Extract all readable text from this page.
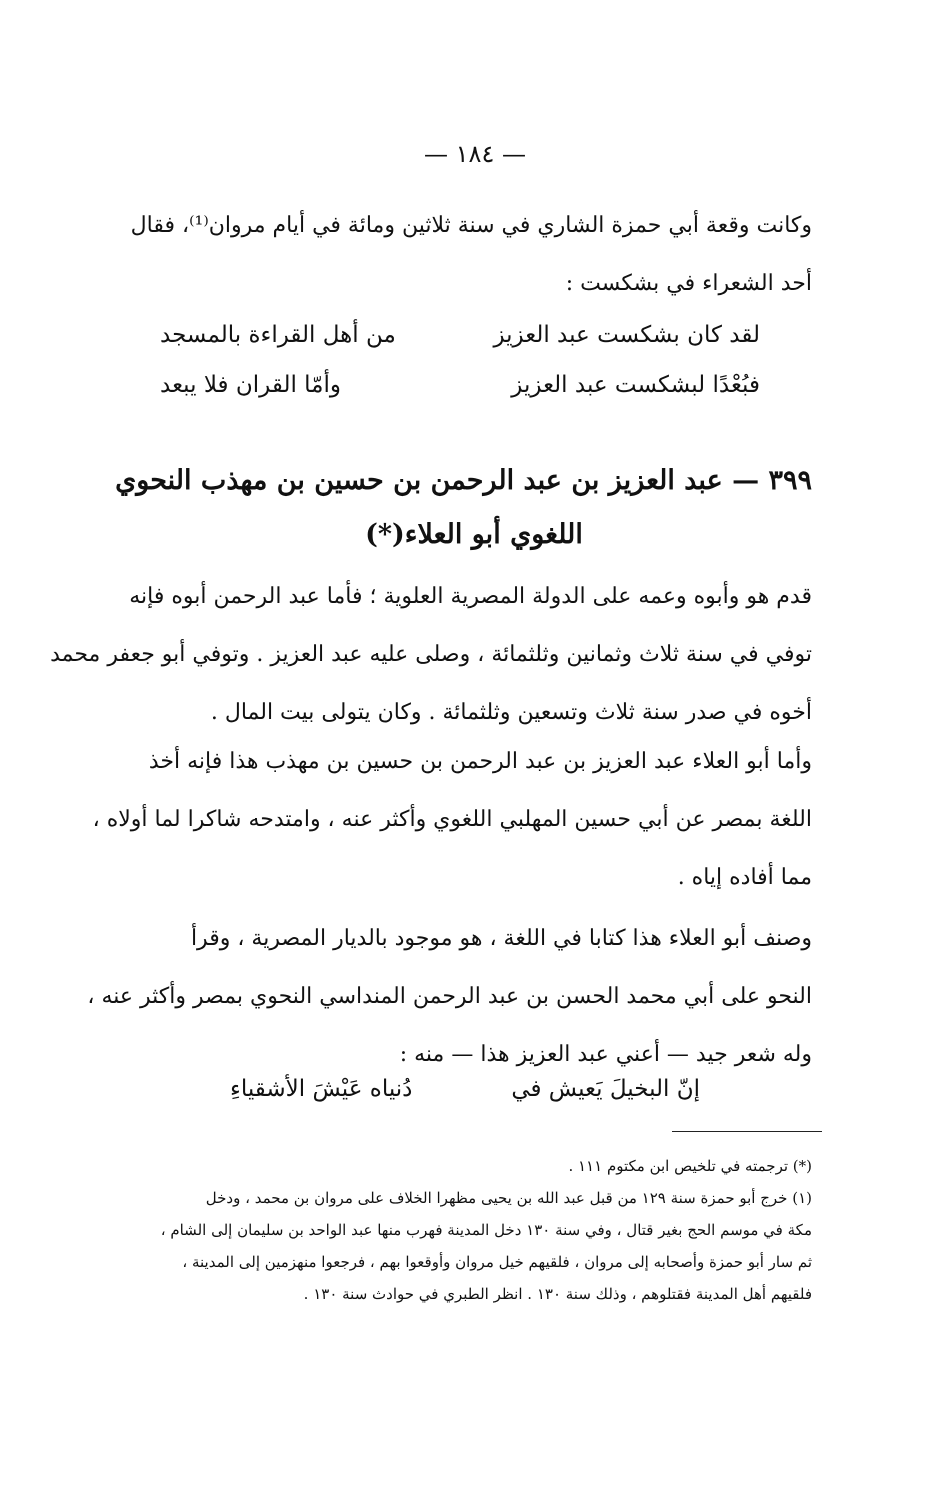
— ١٨٤ —
وكانت وقعة أبي حمزة الشاري في سنة ثلاثين ومائة في أيام مروان⁽¹⁾، فقال
أحد الشعراء في بشكست :
لقد كان بشكست عبد العزيز
من أهل القراءة بالمسجد
فبُعْدًا لبشكست عبد العزيز
وأمّا القران فلا يبعد
٣٩٩ — عبد العزيز بن عبد الرحمن بن حسين بن مهذب النحوي
اللغوي أبو العلاء(*)
قدم هو وأبوه وعمه على الدولة المصرية العلوية ؛ فأما عبد الرحمن أبوه فإنه
توفي في سنة ثلاث وثمانين وثلثمائة ، وصلى عليه عبد العزيز . وتوفي أبو جعفر محمد
أخوه في صدر سنة ثلاث وتسعين وثلثمائة . وكان يتولى بيت المال .
وأما أبو العلاء عبد العزيز بن عبد الرحمن بن حسين بن مهذب هذا فإنه أخذ
اللغة بمصر عن أبي حسين المهلبي اللغوي وأكثر عنه ، وامتدحه شاكرا لما أولاه ،
مما أفاده إياه .
وصنف أبو العلاء هذا كتابا في اللغة ، هو موجود بالديار المصرية ، وقرأ
النحو على أبي محمد الحسن بن عبد الرحمن المنداسي النحوي بمصر وأكثر عنه ،
وله شعر جيد — أعني عبد العزيز هذا — منه :
إنّ البخيلَ يَعيش في
دُنياه عَيْشَ الأشقياءِ
(*) ترجمته في تلخيص ابن مكتوم ١١١ .
(١) خرج أبو حمزة سنة ١٢٩ من قبل عبد الله بن يحيى مظهرا الخلاف على مروان بن محمد ، ودخل
مكة في موسم الحج بغير قتال ، وفي سنة ١٣٠ دخل المدينة فهرب منها عبد الواحد بن سليمان إلى الشام ،
ثم سار أبو حمزة وأصحابه إلى مروان ، فلقيهم خيل مروان وأوقعوا بهم ، فرجعوا منهزمين إلى المدينة ،
فلقيهم أهل المدينة فقتلوهم ، وذلك سنة ١٣٠ . انظر الطبري في حوادث سنة ١٣٠ .
